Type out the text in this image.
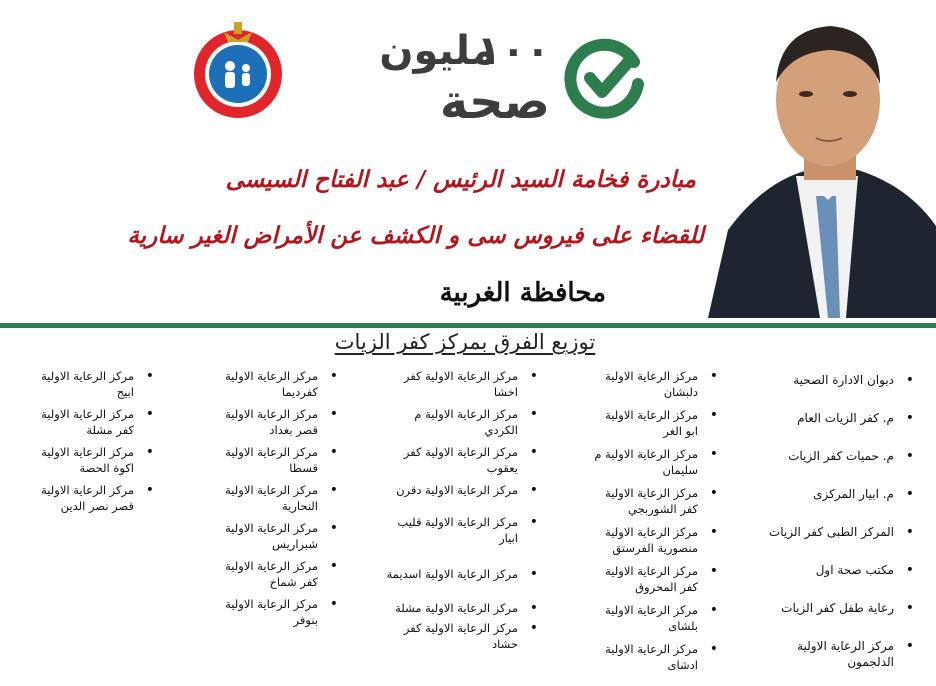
١٠٠
مليون
صحة
مبادرة فخامة السيد الرئيس / عبد الفتاح السيسى
للقضاء على فيروس سى و الكشف عن الأمراض الغير سارية
محافظة الغربية
توزيع الفرق بمركز كفر الزيات
• ديوان الادارة الصحية
• م. كفر الزيات العام
• م. حميات كفر الزيات
• م. ابيار المركزى
• المركز الطبى كفر الزيات
• مكتب صحة اول
• رعاية طفل كفر الزيات
• مركز الرعاية الاولية
الدلجمون
• مركز الرعاية الاولية
دلبشان
• مركز الرعاية الاولية
ابو الغر
• مركز الرعاية الاولية م
سليمان
• مركز الرعاية الاولية
كفر الشوربجي
• مركز الرعاية الاولية
منصورية الفرستق
• مركز الرعاية الاولية
كفر المحروق
• مركز الرعاية الاولية
بلشاى
• مركز الرعاية الاولية
ادشاى
• مركز الرعاية الاولية كفر
اخشا
• مركز الرعاية الاولية م
الكردي
• مركز الرعاية الاولية كفر
يعقوب
• مركز الرعاية الاولية دقرن
• مركز الرعاية الاولية قليب
ابيار
• مركز الرعاية الاولية اسديمة
• مركز الرعاية الاولية مشلة
• مركز الرعاية الاولية كفر
حشاد
• مركز الرعاية الاولية
كفرديما
• مركز الرعاية الاولية
قصر بغداد
• مركز الرعاية الاولية
قسطا
• مركز الرعاية الاولية
النحارية
• مركز الرعاية الاولية
شبراريس
• مركز الرعاية الاولية
كفر شماخ
• مركز الرعاية الاولية
بنوفر
• مركز الرعاية الاولية
ابيج
• مركز الرعاية الاولية
كفر مشلة
• مركز الرعاية الاولية
اكوة الحصة
• مركز الرعاية الاولية
قصر نصر الدين
